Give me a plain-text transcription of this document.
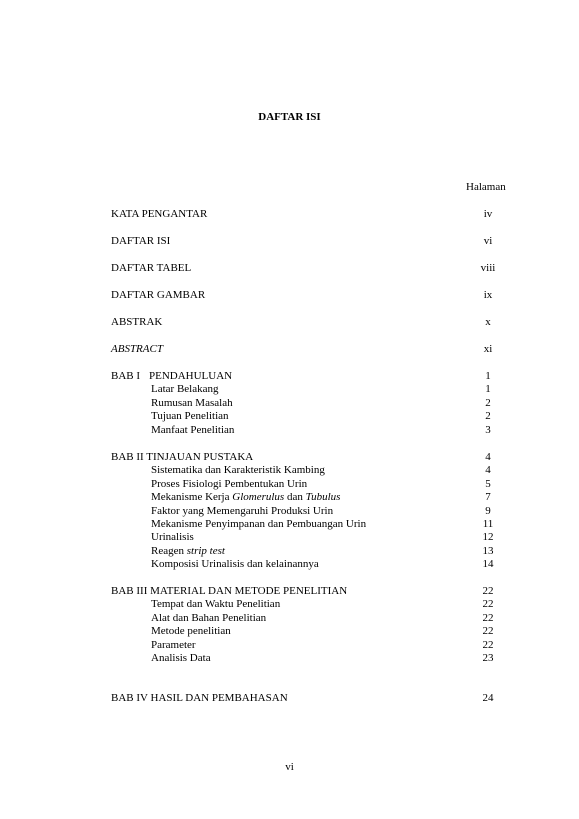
DAFTAR ISI
Halaman
KATA PENGANTAR	iv
DAFTAR ISI	vi
DAFTAR TABEL	viii
DAFTAR GAMBAR	ix
ABSTRAK	x
ABSTRACT	xi
BAB I PENDAHULUAN	1
Latar Belakang	1
Rumusan Masalah	2
Tujuan Penelitian	2
Manfaat Penelitian	3
BAB II TINJAUAN PUSTAKA	4
Sistematika dan Karakteristik Kambing	4
Proses Fisiologi Pembentukan Urin	5
Mekanisme Kerja Glomerulus dan Tubulus	7
Faktor yang Memengaruhi Produksi Urin	9
Mekanisme Penyimpanan dan Pembuangan Urin	11
Urinalisis	12
Reagen strip test	13
Komposisi Urinalisis dan kelainannya	14
BAB III MATERIAL DAN METODE PENELITIAN	22
Tempat dan Waktu Penelitian	22
Alat dan Bahan Penelitian	22
Metode penelitian	22
Parameter	22
Analisis Data	23
BAB IV HASIL DAN PEMBAHASAN	24
vi
